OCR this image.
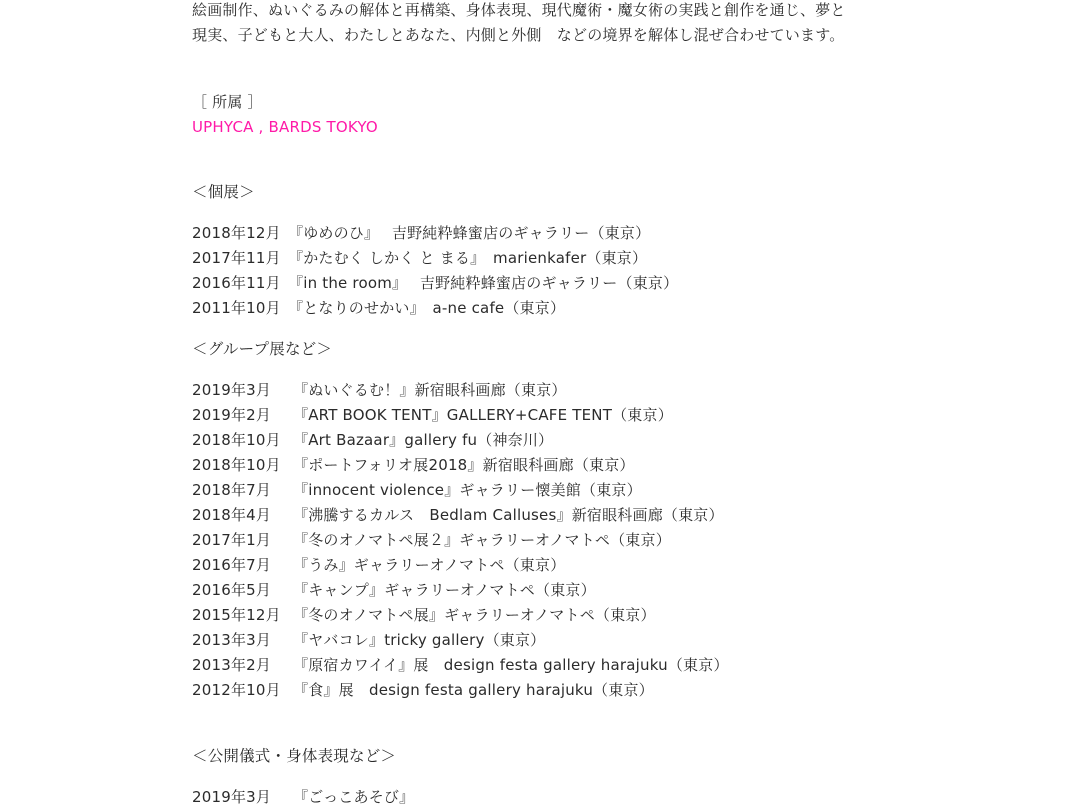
絵画制作、ぬいぐるみの解体と再構築、身体表現、現代魔術・魔女術の実践と創作を通じ、夢と
現実、子どもと大人、わたしとあなた、内側と外側　などの境界を解体し混ぜ合わせています。
［ 所属 ］
UPHYCA , BARDS TOKYO
＜個展＞
2018年12月 『ゆめのひ』　 吉野純粋蜂蜜店のギャラリー（東京）
2017年11月 『かたむく しかく と まる』　marienkafer（東京）
2016年11月 『in the room』　 吉野純粋蜂蜜店のギャラリー（東京）
2011年10月 『となりのせかい』　a-ne cafe（東京）
＜グループ展など＞
2019年3月 『ぬいぐるむ！』新宿眼科画廊（東京）
2019年2月 『ART BOOK TENT』GALLERY+CAFE TENT（東京）
2018年10月 『Art Bazaar』gallery fu（神奈川）
2018年10月 『ポートフォリオ展2018』新宿眼科画廊（東京）
2018年7月 『innocent violence』ギャラリー懐美館（東京）
2018年4月 『沸騰するカルス　Bedlam Calluses』新宿眼科画廊（東京）
2017年1月 『冬のオノマトペ展２』ギャラリーオノマトペ（東京）
2016年7月 『うみ』ギャラリーオノマトペ（東京）
2016年5月 『キャンプ』ギャラリーオノマトペ（東京）
2015年12月 『冬のオノマトペ展』ギャラリーオノマトペ（東京）
2013年3月 『ヤバコレ』tricky gallery（東京）
2013年2月 『原宿カワイイ』展　design festa gallery harajuku（東京）
2012年10月 『食』展　design festa gallery harajuku（東京）
＜公開儀式・身体表現など＞
2019年3月 『ごっこあそび』
